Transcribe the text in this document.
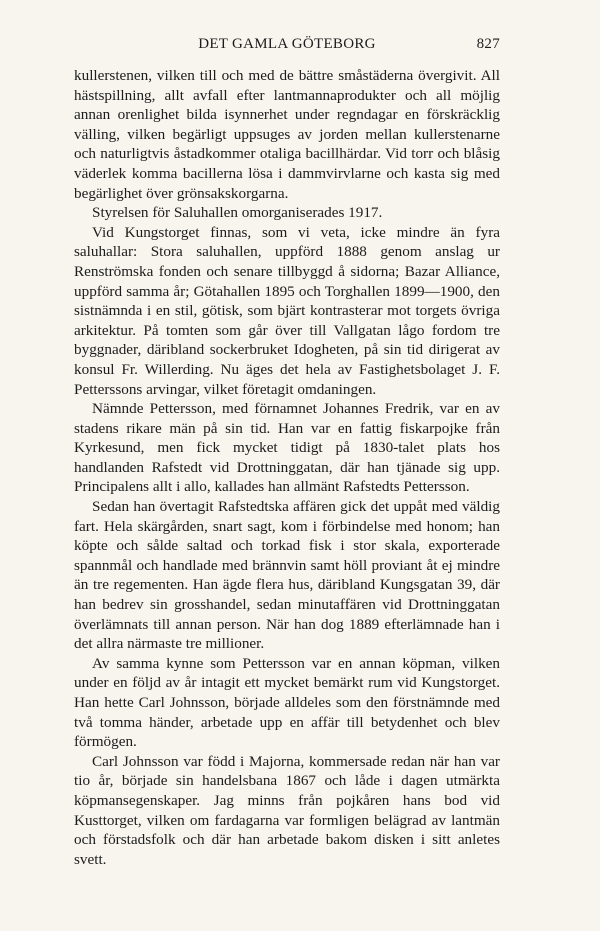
DET GAMLA GÖTEBORG	827

kullerstenen, vilken till och med de bättre småstäderna övergivit. All hästspillning, allt avfall efter lantmannaprodukter och all möjlig annan orenlighet bilda isynnerhet under regndagar en förskräcklig välling, vilken begärligt uppsuges av jorden mellan kullerstenarne och naturligtvis åstadkommer otaliga bacillhärdar. Vid torr och blåsig väderlek komma bacillerna lösa i dammvirvlarne och kasta sig med begärlighet över grönsakskorgarna.

Styrelsen för Saluhallen omorganiserades 1917.

Vid Kungstorget finnas, som vi veta, icke mindre än fyra saluhallar: Stora saluhallen, uppförd 1888 genom anslag ur Renströmska fonden och senare tillbyggd å sidorna; Bazar Alliance, uppförd samma år; Götahallen 1895 och Torghallen 1899—1900, den sistnämnda i en stil, götisk, som bjärt kontrasterar mot torgets övriga arkitektur. På tomten som går över till Vallgatan lågo fordom tre byggnader, däribland sockerbruket Idogheten, på sin tid dirigerat av konsul Fr. Willerding. Nu äges det hela av Fastighetsbolaget J. F. Petterssons arvingar, vilket företagit omdaningen.

Nämnde Pettersson, med förnamnet Johannes Fredrik, var en av stadens rikare män på sin tid. Han var en fattig fiskarpojke från Kyrkesund, men fick mycket tidigt på 1830-talet plats hos handlanden Rafstedt vid Drottninggatan, där han tjänade sig upp. Principalens allt i allo, kallades han allmänt Rafstedts Pettersson.

Sedan han övertagit Rafstedtska affären gick det uppåt med väldig fart. Hela skärgården, snart sagt, kom i förbindelse med honom; han köpte och sålde saltad och torkad fisk i stor skala, exporterade spannmål och handlade med brännvin samt höll proviant åt ej mindre än tre regementen. Han ägde flera hus, däribland Kungsgatan 39, där han bedrev sin grosshandel, sedan minutaffären vid Drottninggatan överlämnats till annan person. När han dog 1889 efterlämnade han i det allra närmaste tre millioner.

Av samma kynne som Pettersson var en annan köpman, vilken under en följd av år intagit ett mycket bemärkt rum vid Kungstorget. Han hette Carl Johnsson, började alldeles som den förstnämnde med två tomma händer, arbetade upp en affär till betydenhet och blev förmögen.

Carl Johnsson var född i Majorna, kommersade redan när han var tio år, började sin handelsbana 1867 och låde i dagen utmärkta köpmansegenskaper. Jag minns från pojkåren hans bod vid Kusttorget, vilken om fardagarna var formligen belägrad av lantmän och förstadsfolk och där han arbetade bakom disken i sitt anletes svett.
